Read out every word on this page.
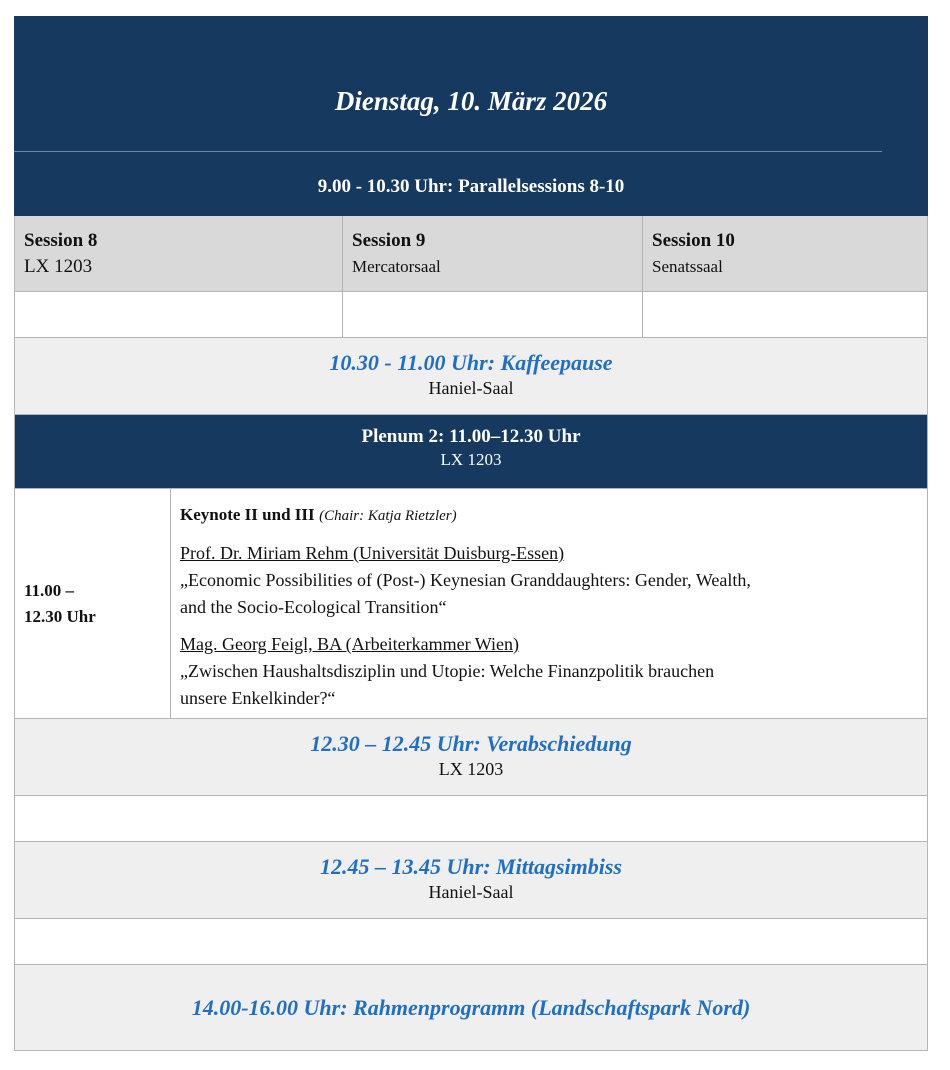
Dienstag, 10. März 2026
9.00 - 10.30 Uhr: Parallelsessions 8-10
Session 8
LX 1203
Session 9
Mercatorsaal
Session 10
Senatssaal
10.30 - 11.00 Uhr: Kaffeepause
Haniel-Saal
Plenum 2: 11.00–12.30 Uhr
LX 1203
11.00 –
12.30 Uhr
Keynote II und III (Chair: Katja Rietzler)
Prof. Dr. Miriam Rehm (Universität Duisburg-Essen)
„Economic Possibilities of (Post-) Keynesian Granddaughters: Gender, Wealth,
and the Socio-Ecological Transition“
Mag. Georg Feigl, BA (Arbeiterkammer Wien)
„Zwischen Haushaltsdisziplin und Utopie: Welche Finanzpolitik brauchen
unsere Enkelkinder?“
12.30 – 12.45 Uhr: Verabschiedung
LX 1203
12.45 – 13.45 Uhr: Mittagsimbiss
Haniel-Saal
14.00-16.00 Uhr: Rahmenprogramm (Landschaftspark Nord)
